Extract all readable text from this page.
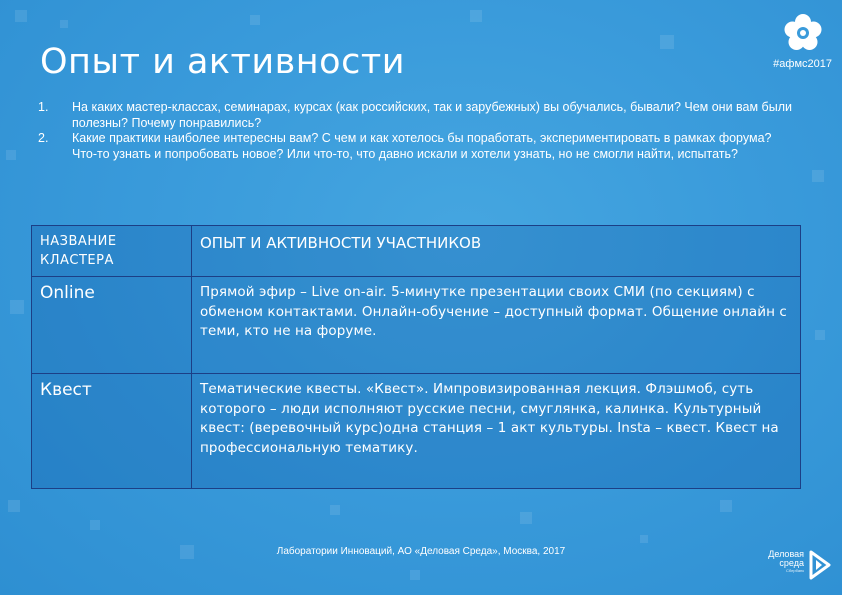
#афмс2017
Опыт и активности
1. На каких мастер-классах, семинарах, курсах (как российских, так и зарубежных) вы обучались, бывали? Чем они вам были полезны? Почему понравились?
2. Какие практики наиболее интересны вам? С чем и как хотелось бы поработать, экспериментировать в рамках форума? Что-то узнать и попробовать новое? Или что-то, что давно искали и хотели узнать, но не смогли найти, испытать?
НАЗВАНИЕ КЛАСТЕРА	ОПЫТ И АКТИВНОСТИ УЧАСТНИКОВ
Online	Прямой эфир – Live on-air. 5-минутке презентации своих СМИ (по секциям) с обменом контактами. Онлайн-обучение – доступный формат. Общение онлайн с теми, кто не на форуме.
Квест	Тематические квесты. «Квест». Импровизированная лекция. Флэшмоб, суть которого – люди исполняют русские песни, смуглянка, калинка. Культурный квест: (веревочный курс)одна станция – 1 акт культуры. Insta – квест. Квест на профессиональную тематику.
Лаборатории Инноваций, АО «Деловая Среда», Москва, 2017	Деловая среда
Сбербанк
